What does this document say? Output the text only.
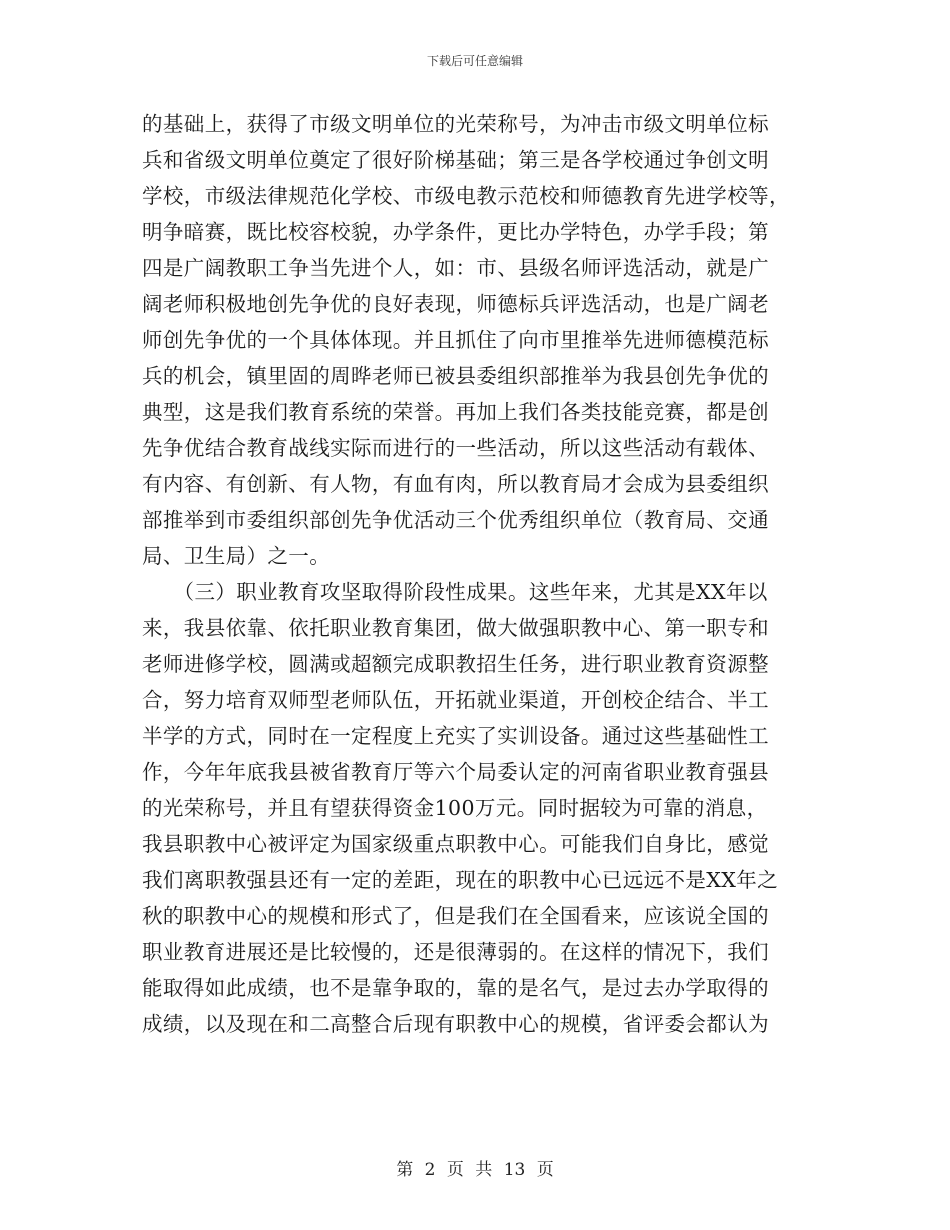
下载后可任意编辑
的基础上，获得了市级文明单位的光荣称号，为冲击市级文明单位标
兵和省级文明单位奠定了很好阶梯基础；第三是各学校通过争创文明
学校，市级法律规范化学校、市级电教示范校和师德教育先进学校等，
明争暗赛，既比校容校貌，办学条件，更比办学特色，办学手段；第
四是广阔教职工争当先进个人，如：市、县级名师评选活动，就是广
阔老师积极地创先争优的良好表现，师德标兵评选活动，也是广阔老
师创先争优的一个具体体现。并且抓住了向市里推举先进师德模范标
兵的机会，镇里固的周晔老师已被县委组织部推举为我县创先争优的
典型，这是我们教育系统的荣誉。再加上我们各类技能竞赛，都是创
先争优结合教育战线实际而进行的一些活动，所以这些活动有载体、
有内容、有创新、有人物，有血有肉，所以教育局才会成为县委组织
部推举到市委组织部创先争优活动三个优秀组织单位（教育局、交通
局、卫生局）之一。
　　（三）职业教育攻坚取得阶段性成果。这些年来，尤其是XX年以
来，我县依靠、依托职业教育集团，做大做强职教中心、第一职专和
老师进修学校，圆满或超额完成职教招生任务，进行职业教育资源整
合，努力培育双师型老师队伍，开拓就业渠道，开创校企结合、半工
半学的方式，同时在一定程度上充实了实训设备。通过这些基础性工
作，今年年底我县被省教育厅等六个局委认定的河南省职业教育强县
的光荣称号，并且有望获得资金100万元。同时据较为可靠的消息，
我县职教中心被评定为国家级重点职教中心。可能我们自身比，感觉
我们离职教强县还有一定的差距，现在的职教中心已远远不是XX年之
秋的职教中心的规模和形式了，但是我们在全国看来，应该说全国的
职业教育进展还是比较慢的，还是很薄弱的。在这样的情况下，我们
能取得如此成绩，也不是靠争取的，靠的是名气，是过去办学取得的
成绩，以及现在和二高整合后现有职教中心的规模，省评委会都认为
第 2 页 共 13 页
